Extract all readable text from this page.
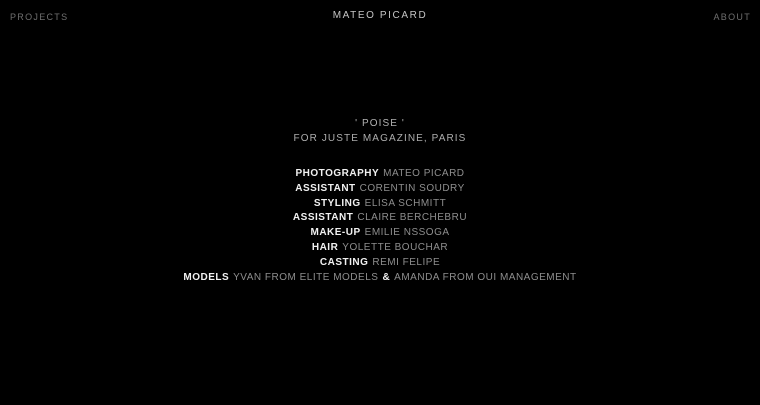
PROJECTS	MATEO PICARD	ABOUT
' POISE '
FOR JUSTE MAGAZINE, PARIS
PHOTOGRAPHY MATEO PICARD
ASSISTANT CORENTIN SOUDRY
STYLING ELISA SCHMITT
ASSISTANT CLAIRE BERCHEBRU
MAKE-UP EMILIE NSSOGA
HAIR YOLETTE BOUCHAR
CASTING REMI FELIPE
MODELS YVAN FROM ELITE MODELS & AMANDA FROM OUI MANAGEMENT
